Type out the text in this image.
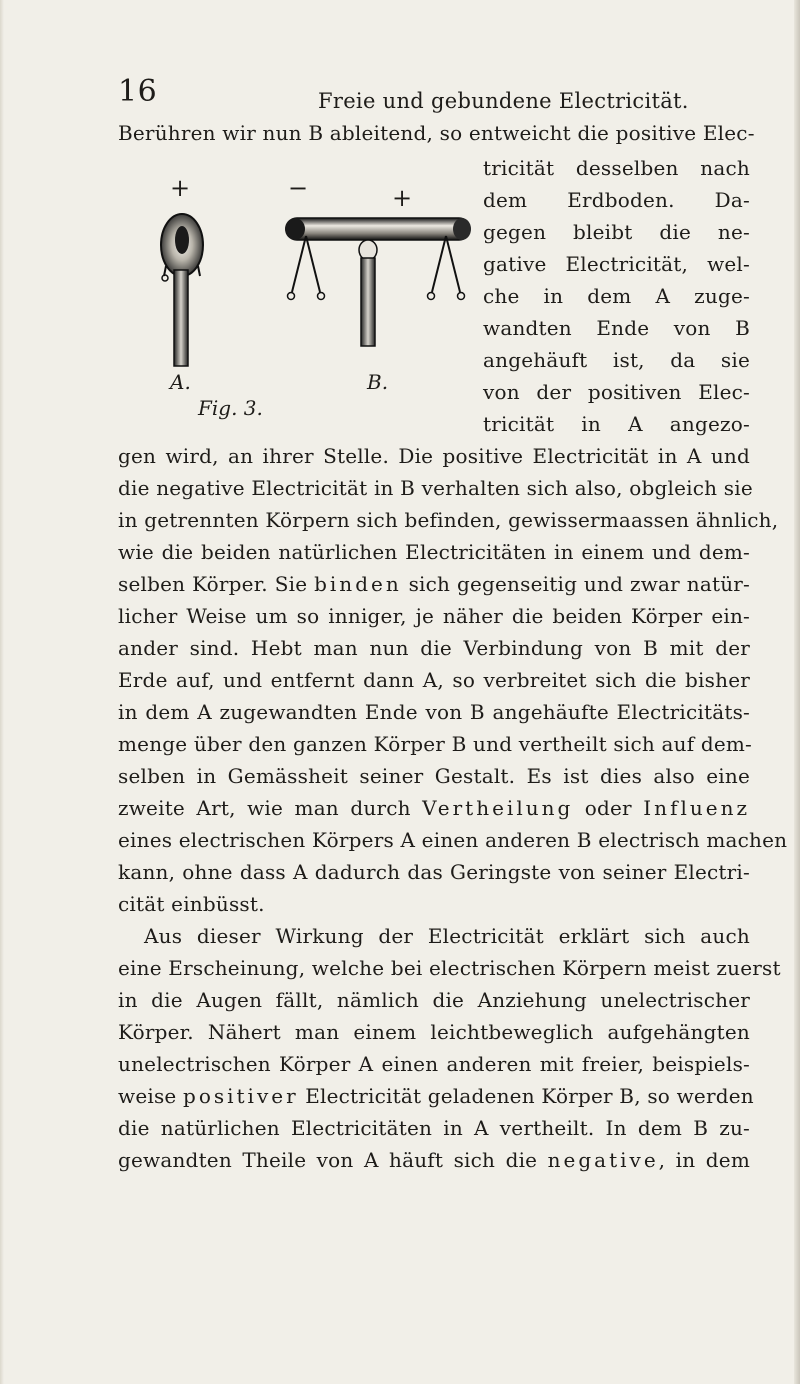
16	Freie und gebundene Electricität.
Berühren wir nun B ableitend, so entweicht die positive Elec-
tricität desselben nach
dem Erdboden. Da-
gegen bleibt die ne-
gative Electricität, wel-
che in dem A zuge-
wandten Ende von B
angehäuft ist, da sie
von der positiven Elec-
tricität in A angezo-
gen wird, an ihrer Stelle. Die positive Electricität in A und
die negative Electricität in B verhalten sich also, obgleich sie
in getrennten Körpern sich befinden, gewissermaassen ähnlich,
wie die beiden natürlichen Electricitäten in einem und dem-
selben Körper. Sie binden sich gegenseitig und zwar natür-
licher Weise um so inniger, je näher die beiden Körper ein-
ander sind. Hebt man nun die Verbindung von B mit der
Erde auf, und entfernt dann A, so verbreitet sich die bisher
in dem A zugewandten Ende von B angehäufte Electricitäts-
menge über den ganzen Körper B und vertheilt sich auf dem-
selben in Gemässheit seiner Gestalt. Es ist dies also eine
zweite Art, wie man durch Vertheilung oder Influenz
eines electrischen Körpers A einen anderen B electrisch machen
kann, ohne dass A dadurch das Geringste von seiner Electri-
cität einbüsst.
Aus dieser Wirkung der Electricität erklärt sich auch
eine Erscheinung, welche bei electrischen Körpern meist zuerst
in die Augen fällt, nämlich die Anziehung unelectrischer
Körper. Nähert man einem leichtbeweglich aufgehängten
unelectrischen Körper A einen anderen mit freier, beispiels-
weise positiver Electricität geladenen Körper B, so werden
die natürlichen Electricitäten in A vertheilt. In dem B zu-
gewandten Theile von A häuft sich die negative, in dem
+	−	+
A.	B.
Fig. 3.
